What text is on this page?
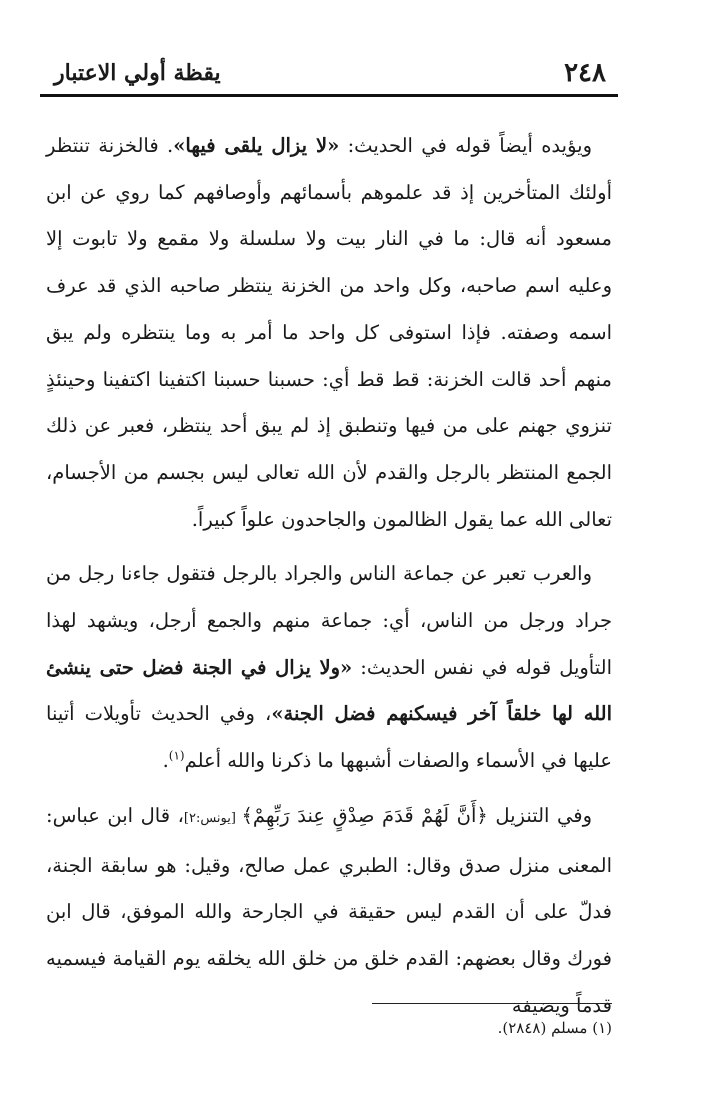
٢٤٨
يقظة أولي الاعتبار

ويؤيده أيضاً قوله في الحديث: «لا يزال يلقى فيها». فالخزنة تنتظر أولئك المتأخرين إذ قد علموهم بأسمائهم وأوصافهم كما روي عن ابن مسعود أنه قال: ما في النار بيت ولا سلسلة ولا مقمع ولا تابوت إلا وعليه اسم صاحبه، وكل واحد من الخزنة ينتظر صاحبه الذي قد عرف اسمه وصفته. فإذا استوفى كل واحد ما أمر به وما ينتظره ولم يبق منهم أحد قالت الخزنة: قط قط أي: حسبنا حسبنا اكتفينا اكتفينا وحينئذٍ تنزوي جهنم على من فيها وتنطبق إذ لم يبق أحد ينتظر، فعبر عن ذلك الجمع المنتظر بالرجل والقدم لأن الله تعالى ليس بجسم من الأجسام، تعالى الله عما يقول الظالمون والجاحدون علواً كبيراً.

والعرب تعبر عن جماعة الناس والجراد بالرجل فتقول جاءنا رجل من جراد ورجل من الناس، أي: جماعة منهم والجمع أرجل، ويشهد لهذا التأويل قوله في نفس الحديث: «ولا يزال في الجنة فضل حتى ينشئ الله لها خلقاً آخر فيسكنهم فضل الجنة»، وفي الحديث تأويلات أتينا عليها في الأسماء والصفات أشبهها ما ذكرنا والله أعلم$^{(١)}$.

وفي التنزيل ﴿أَنَّ لَهُمْ قَدَمَ صِدْقٍ عِندَ رَبِّهِمْ﴾ [يونس:٢]، قال ابن عباس: المعنى منزل صدق وقال: الطبري عمل صالح، وقيل: هو سابقة الجنة، فدلّ على أن القدم ليس حقيقة في الجارحة والله الموفق، قال ابن فورك وقال بعضهم: القدم خلق من خلق الله يخلقه يوم القيامة فيسميه قدماً ويضيفه

(١) مسلم (٢٨٤٨).
